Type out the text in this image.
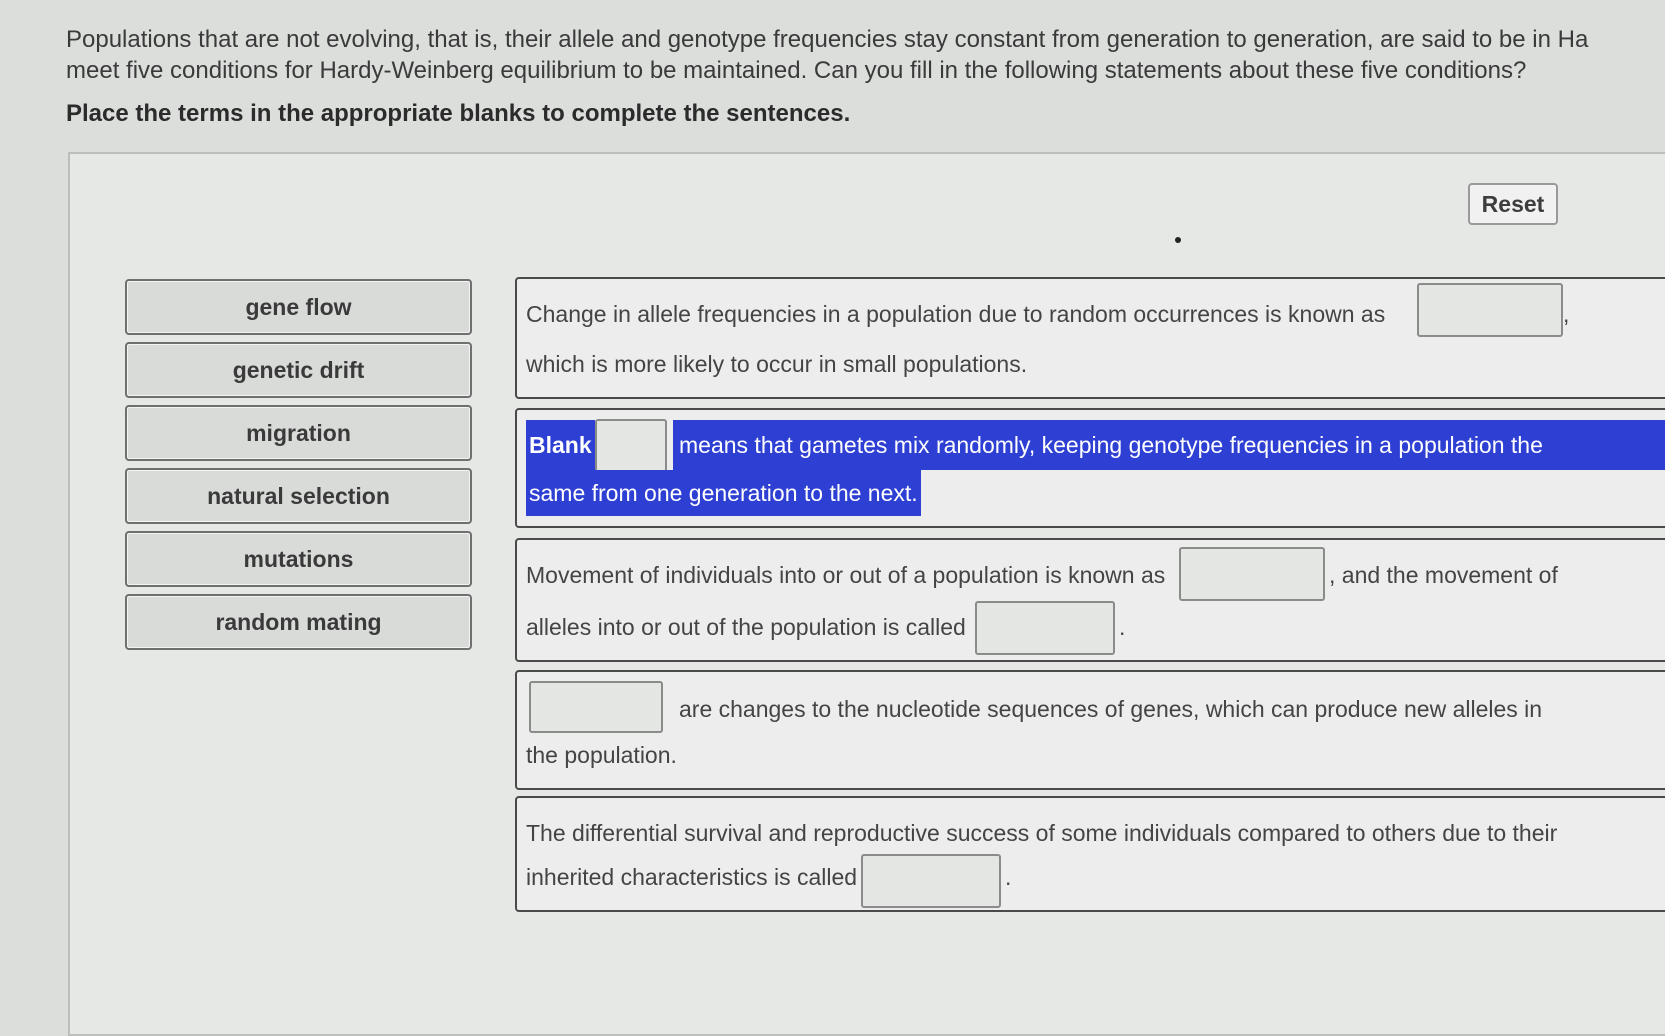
Populations that are not evolving, that is, their allele and genotype frequencies stay constant from generation to generation, are said to be in Ha
meet five conditions for Hardy-Weinberg equilibrium to be maintained. Can you fill in the following statements about these five conditions?
Place the terms in the appropriate blanks to complete the sentences.
Reset
gene flow
genetic drift
migration
natural selection
mutations
random mating
Change in allele frequencies in a population due to random occurrences is known as	,
which is more likely to occur in small populations.
Blank	means that gametes mix randomly, keeping genotype frequencies in a population the
same from one generation to the next.
Movement of individuals into or out of a population is known as	, and the movement of
alleles into or out of the population is called	.
are changes to the nucleotide sequences of genes, which can produce new alleles in
the population.
The differential survival and reproductive success of some individuals compared to others due to their
inherited characteristics is called	.
